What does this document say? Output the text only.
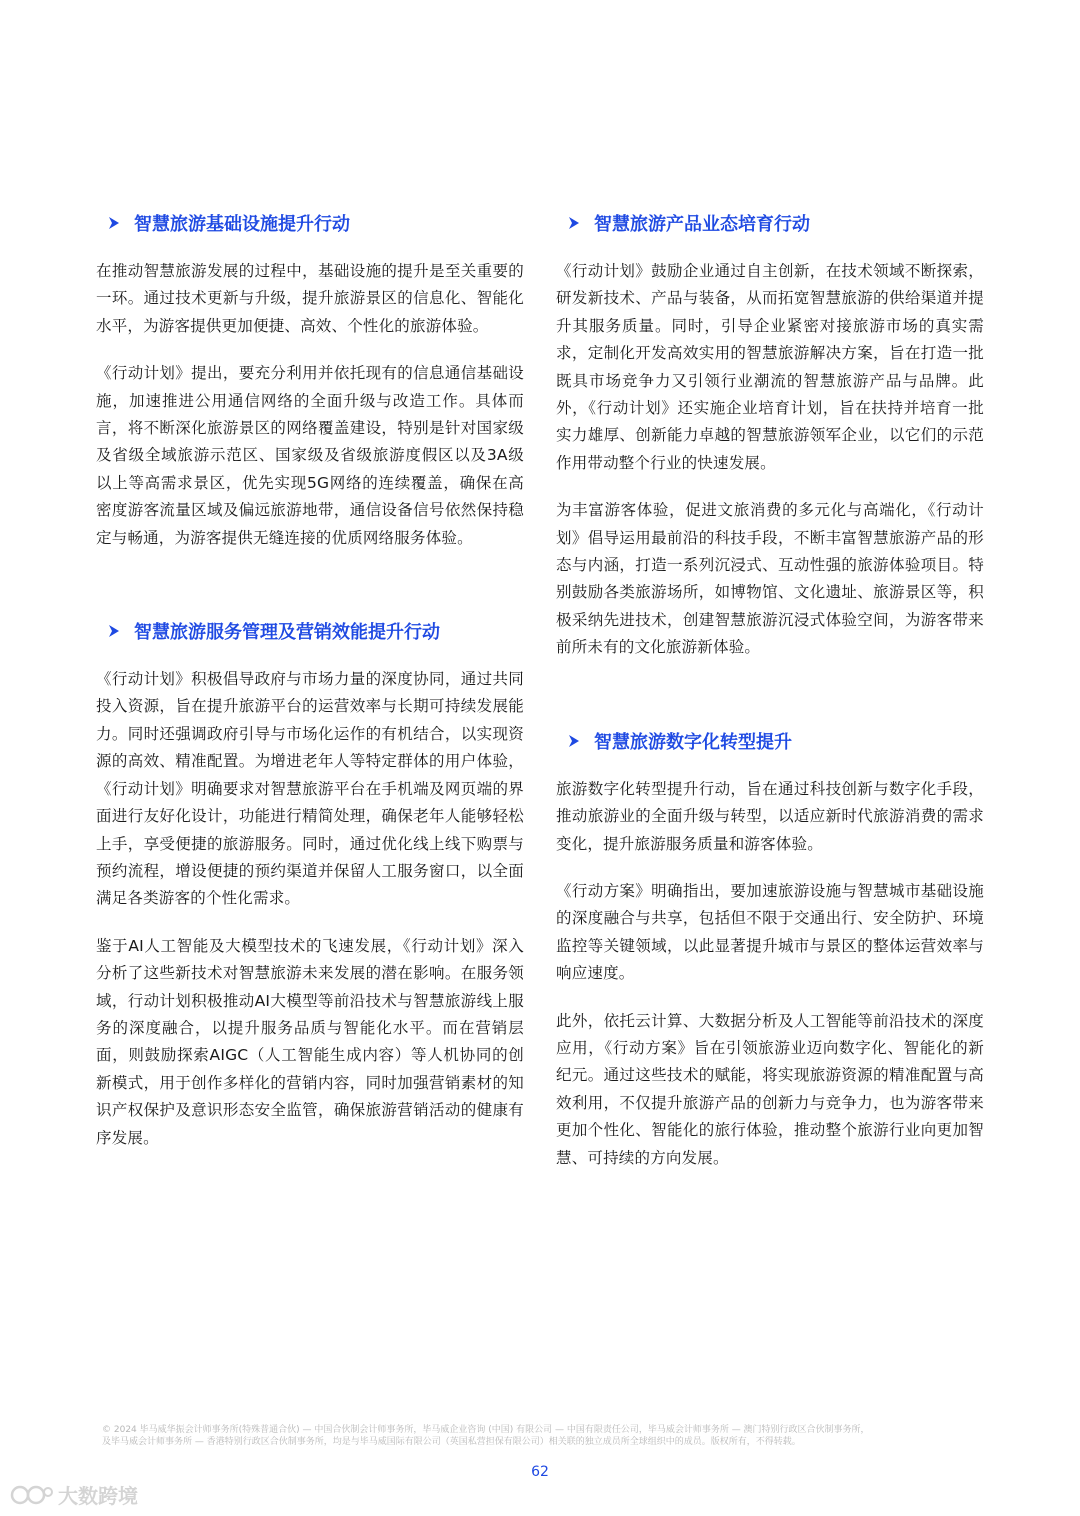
智慧旅游基础设施提升行动

在推动智慧旅游发展的过程中，基础设施的提升是至关重要的一环。通过技术更新与升级，提升旅游景区的信息化、智能化水平，为游客提供更加便捷、高效、个性化的旅游体验。

《行动计划》提出，要充分利用并依托现有的信息通信基础设施，加速推进公用通信网络的全面升级与改造工作。具体而言，将不断深化旅游景区的网络覆盖建设，特别是针对国家级及省级全域旅游示范区、国家级及省级旅游度假区以及3A级以上等高需求景区，优先实现5G网络的连续覆盖，确保在高密度游客流量区域及偏远旅游地带，通信设备信号依然保持稳定与畅通，为游客提供无缝连接的优质网络服务体验。

智慧旅游服务管理及营销效能提升行动

《行动计划》积极倡导政府与市场力量的深度协同，通过共同投入资源，旨在提升旅游平台的运营效率与长期可持续发展能力。同时还强调政府引导与市场化运作的有机结合，以实现资源的高效、精准配置。为增进老年人等特定群体的用户体验，《行动计划》明确要求对智慧旅游平台在手机端及网页端的界面进行友好化设计，功能进行精简处理，确保老年人能够轻松上手，享受便捷的旅游服务。同时，通过优化线上线下购票与预约流程，增设便捷的预约渠道并保留人工服务窗口，以全面满足各类游客的个性化需求。

鉴于AI人工智能及大模型技术的飞速发展，《行动计划》深入分析了这些新技术对智慧旅游未来发展的潜在影响。在服务领域，行动计划积极推动AI大模型等前沿技术与智慧旅游线上服务的深度融合，以提升服务品质与智能化水平。而在营销层面，则鼓励探索AIGC（人工智能生成内容）等人机协同的创新模式，用于创作多样化的营销内容，同时加强营销素材的知识产权保护及意识形态安全监管，确保旅游营销活动的健康有序发展。

智慧旅游产品业态培育行动

《行动计划》鼓励企业通过自主创新，在技术领域不断探索，研发新技术、产品与装备，从而拓宽智慧旅游的供给渠道并提升其服务质量。同时，引导企业紧密对接旅游市场的真实需求，定制化开发高效实用的智慧旅游解决方案，旨在打造一批既具市场竞争力又引领行业潮流的智慧旅游产品与品牌。此外，《行动计划》还实施企业培育计划，旨在扶持并培育一批实力雄厚、创新能力卓越的智慧旅游领军企业，以它们的示范作用带动整个行业的快速发展。

为丰富游客体验，促进文旅消费的多元化与高端化，《行动计划》倡导运用最前沿的科技手段，不断丰富智慧旅游产品的形态与内涵，打造一系列沉浸式、互动性强的旅游体验项目。特别鼓励各类旅游场所，如博物馆、文化遗址、旅游景区等，积极采纳先进技术，创建智慧旅游沉浸式体验空间，为游客带来前所未有的文化旅游新体验。

智慧旅游数字化转型提升

旅游数字化转型提升行动，旨在通过科技创新与数字化手段，推动旅游业的全面升级与转型，以适应新时代旅游消费的需求变化，提升旅游服务质量和游客体验。

《行动方案》明确指出，要加速旅游设施与智慧城市基础设施的深度融合与共享，包括但不限于交通出行、安全防护、环境监控等关键领域，以此显著提升城市与景区的整体运营效率与响应速度。

此外，依托云计算、大数据分析及人工智能等前沿技术的深度应用，《行动方案》旨在引领旅游业迈向数字化、智能化的新纪元。通过这些技术的赋能，将实现旅游资源的精准配置与高效利用，不仅提升旅游产品的创新力与竞争力，也为游客带来更加个性化、智能化的旅行体验，推动整个旅游行业向更加智慧、可持续的方向发展。

© 2024 毕马威华振会计师事务所(特殊普通合伙) — 中国合伙制会计师事务所，毕马威企业咨询 (中国) 有限公司 — 中国有限责任公司，毕马威会计师事务所 — 澳门特别行政区合伙制事务所，
及毕马威会计师事务所 — 香港特别行政区合伙制事务所，均是与毕马威国际有限公司（英国私营担保有限公司）相关联的独立成员所全球组织中的成员。版权所有，不得转载。
62
大数跨境
